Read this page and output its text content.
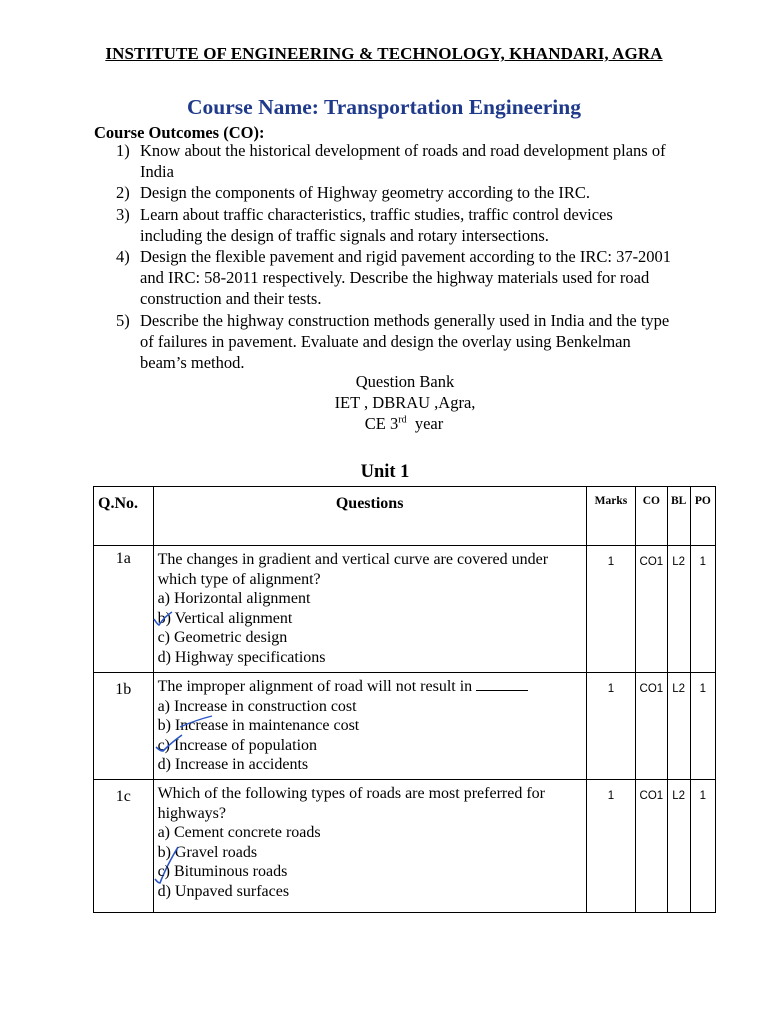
INSTITUTE OF ENGINEERING & TECHNOLOGY, KHANDARI, AGRA
Course Name: Transportation Engineering
Course Outcomes (CO):
1) Know about the historical development of roads and road development plans of India
2) Design the components of Highway geometry according to the IRC.
3) Learn about traffic characteristics, traffic studies, traffic control devices including the design of traffic signals and rotary intersections.
4) Design the flexible pavement and rigid pavement according to the IRC: 37-2001 and IRC: 58-2011 respectively. Describe the highway materials used for road construction and their tests.
5) Describe the highway construction methods generally used in India and the type of failures in pavement. Evaluate and design the overlay using Benkelman beam’s method.
Question Bank
IET , DBRAU ,Agra,
CE 3rd  year
Unit 1
Q.No.	Questions	Marks	CO	BL	PO
1a	The changes in gradient and vertical curve are covered under which type of alignment?
a) Horizontal alignment
b) Vertical alignment
c) Geometric design
d) Highway specifications	1	CO1	L2	1
1b	The improper alignment of road will not result in
a) Increase in construction cost
b) Increase in maintenance cost
c) Increase of population
d) Increase in accidents	1	CO1	L2	1
1c	Which of the following types of roads are most preferred for highways?
a) Cement concrete roads
b) Gravel roads
c) Bituminous roads
d) Unpaved surfaces	1	CO1	L2	1
